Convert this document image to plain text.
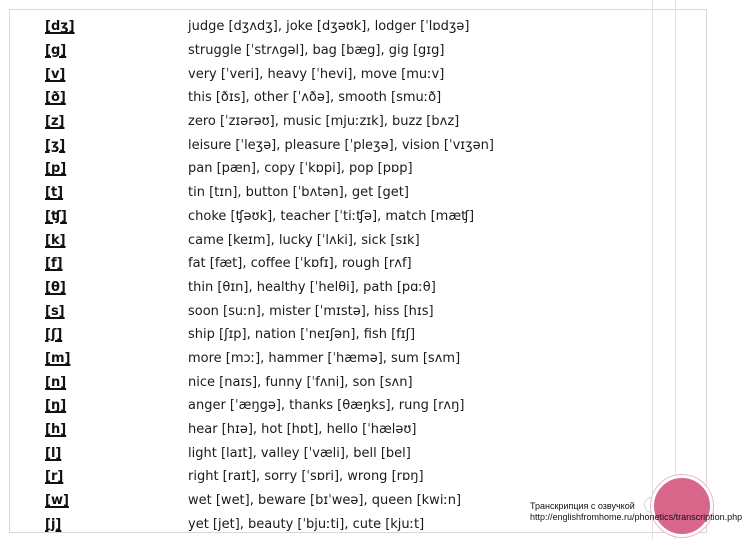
[dʒ]	judge [dʒʌdʒ], joke [dʒəʊk], lodger [ˈlɒdʒə]
[g]	struggle [ˈstrʌgəl], bag [bæg], gig [gɪg]
[v]	very [ˈveri], heavy [ˈhevi], move [muːv]
[ð]	this [ðɪs], other [ˈʌðə], smooth [smuːð]
[z]	zero [ˈzɪərəʊ], music [mjuːzɪk], buzz [bʌz]
[ʒ]	leisure [ˈleʒə], pleasure [ˈpleʒə], vision [ˈvɪʒən]
[p]	pan [pæn], copy [ˈkɒpi], pop [pɒp]
[t]	tin [tɪn], button [ˈbʌtən], get [get]
[ʧ]	choke [ʧəʊk], teacher [ˈtiːʧə], match [mæʧ]
[k]	came [keɪm], lucky [ˈlʌki], sick [sɪk]
[f]	fat [fæt], coffee [ˈkɒfɪ], rough [rʌf]
[θ]	thin [θɪn], healthy [ˈhelθi], path [pɑːθ]
[s]	soon [suːn], mister [ˈmɪstə], hiss [hɪs]
[ʃ]	ship [ʃɪp], nation [ˈneɪʃən], fish [fɪʃ]
[m]	more [mɔː], hammer [ˈhæmə], sum [sʌm]
[n]	nice [naɪs], funny [ˈfʌni], son [sʌn]
[ŋ]	anger [ˈæŋgə], thanks [θæŋks], rung [rʌŋ]
[h]	hear [hɪə], hot [hɒt], hello [ˈhæləʊ]
[l]	light [laɪt], valley [ˈvæli], bell [bel]
[r]	right [raɪt], sorry [ˈsɒri], wrong [rɒŋ]
[w]	wet [wet], beware [bɪˈweə], queen [kwiːn]
[j]	yet [jet], beauty [ˈbjuːti], cute [kjuːt]
Транскрипция с озвучкой http://englishfromhome.ru/phonetics/transcription.php
